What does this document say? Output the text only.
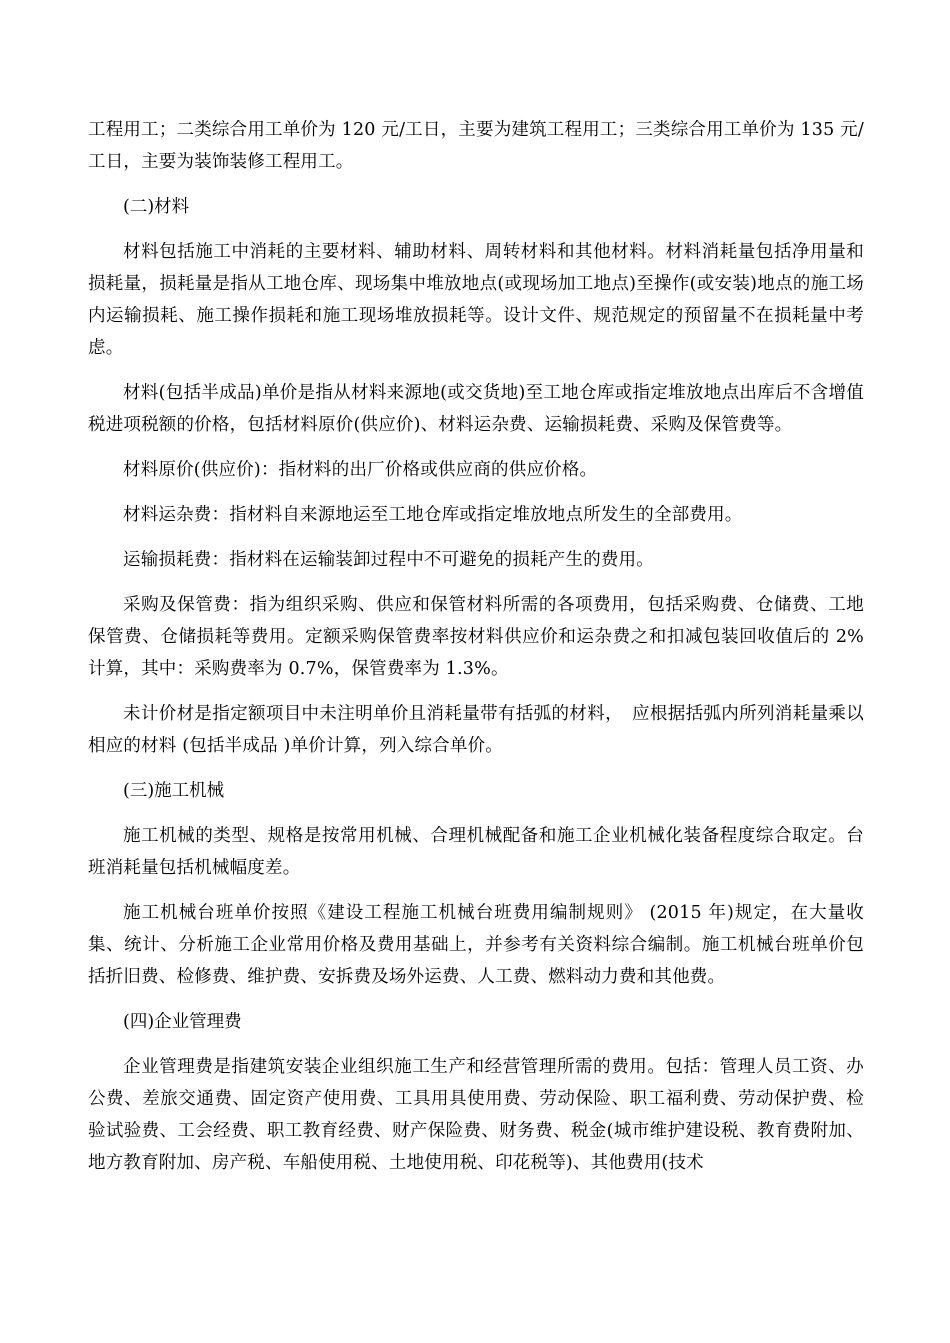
工程用工；二类综合用工单价为 120 元/工日，主要为建筑工程用工；三类综合用工单价为 135 元/工日，主要为装饰装修工程用工。

(二)材料

材料包括施工中消耗的主要材料、辅助材料、周转材料和其他材料。材料消耗量包括净用量和损耗量，损耗量是指从工地仓库、现场集中堆放地点(或现场加工地点)至操作(或安装)地点的施工场内运输损耗、施工操作损耗和施工现场堆放损耗等。设计文件、规范规定的预留量不在损耗量中考虑。

材料(包括半成品)单价是指从材料来源地(或交货地)至工地仓库或指定堆放地点出库后不含增值税进项税额的价格，包括材料原价(供应价)、材料运杂费、运输损耗费、采购及保管费等。

材料原价(供应价)：指材料的出厂价格或供应商的供应价格。

材料运杂费：指材料自来源地运至工地仓库或指定堆放地点所发生的全部费用。

运输损耗费：指材料在运输装卸过程中不可避免的损耗产生的费用。

采购及保管费：指为组织采购、供应和保管材料所需的各项费用，包括采购费、仓储费、工地保管费、仓储损耗等费用。定额采购保管费率按材料供应价和运杂费之和扣减包装回收值后的 2%计算，其中：采购费率为 0.7%，保管费率为 1.3%。

未计价材是指定额项目中未注明单价且消耗量带有括弧的材料，　应根据括弧内所列消耗量乘以相应的材料 (包括半成品 )单价计算，列入综合单价。

(三)施工机械

施工机械的类型、规格是按常用机械、合理机械配备和施工企业机械化装备程度综合取定。台班消耗量包括机械幅度差。

施工机械台班单价按照《建设工程施工机械台班费用编制规则》 (2015 年)规定，在大量收集、统计、分析施工企业常用价格及费用基础上，并参考有关资料综合编制。施工机械台班单价包括折旧费、检修费、维护费、安拆费及场外运费、人工费、燃料动力费和其他费。

(四)企业管理费

企业管理费是指建筑安装企业组织施工生产和经营管理所需的费用。包括：管理人员工资、办公费、差旅交通费、固定资产使用费、工具用具使用费、劳动保险、职工福利费、劳动保护费、检验试验费、工会经费、职工教育经费、财产保险费、财务费、税金(城市维护建设税、教育费附加、地方教育附加、房产税、车船使用税、土地使用税、印花税等)、其他费用(技术
